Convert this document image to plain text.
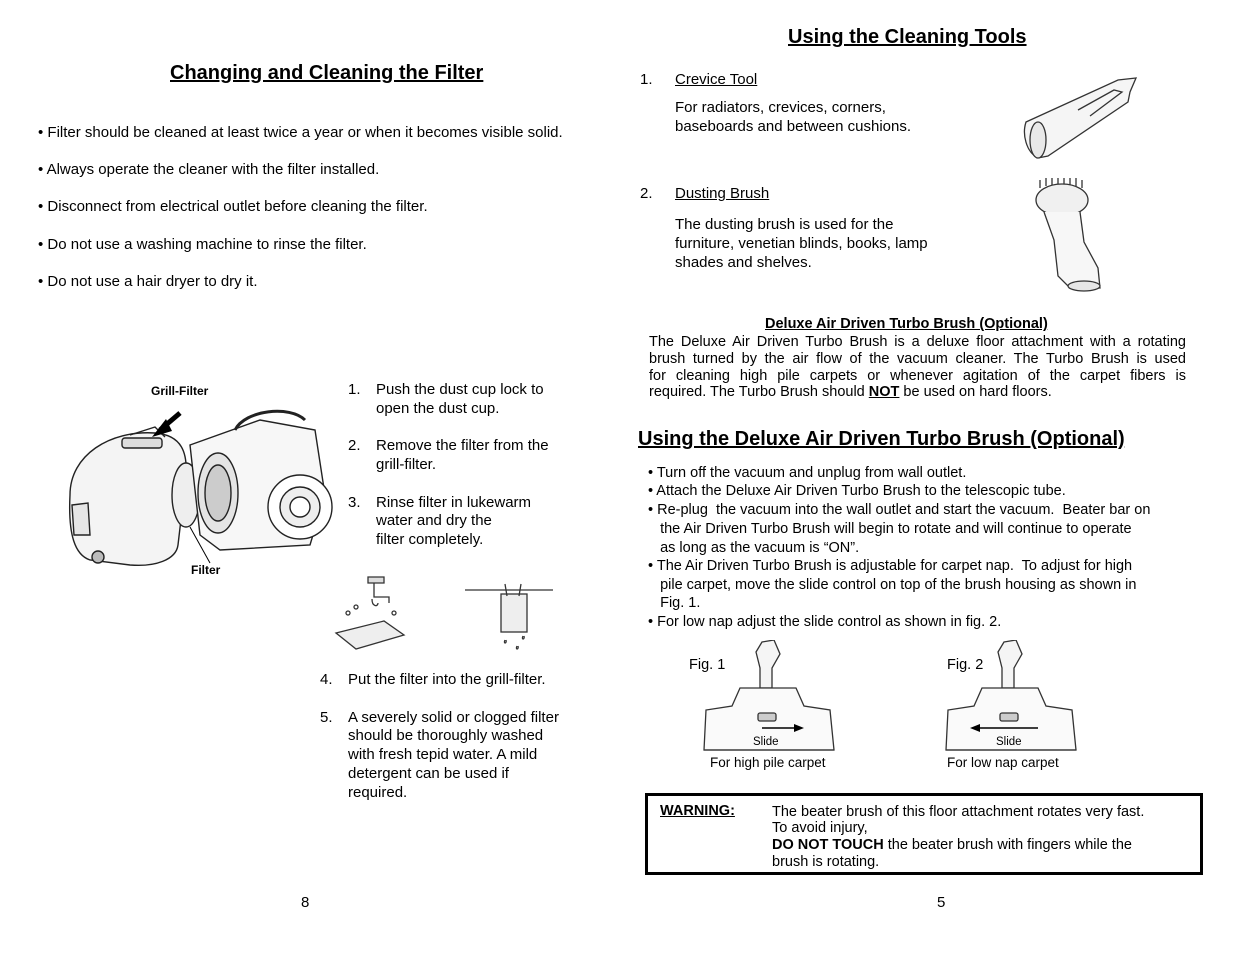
Changing and Cleaning the Filter
• Filter should be cleaned at least twice a year or when it becomes visible solid.
• Always operate the cleaner with the filter installed.
• Disconnect from electrical outlet before cleaning the filter.
• Do not use a washing machine to rinse the filter.
• Do not use a hair dryer to dry it.
Grill-Filter
Filter
1. Push the dust cup lock to
open the dust cup.
2. Remove the filter from the
grill-filter.
3. Rinse filter in lukewarm
water and dry the
filter completely.
4. Put the filter into the grill-filter.
5. A severely solid or clogged filter
should be thoroughly washed
with fresh tepid water. A mild
detergent can be used if
required.
8
Using the Cleaning Tools
1. Crevice Tool
For radiators, crevices, corners,
baseboards and between cushions.
2. Dusting Brush
The dusting brush is used for the
furniture, venetian blinds, books, lamp
shades and shelves.
Deluxe Air Driven Turbo Brush (Optional)
The Deluxe Air Driven Turbo Brush is a deluxe floor attachment with a rotating
brush turned by the air flow of the vacuum cleaner. The Turbo Brush is used
for cleaning high pile carpets or whenever agitation of the carpet fibers is
required. The Turbo Brush should NOT be used on hard floors.
Using the Deluxe Air Driven Turbo Brush (Optional)
• Turn off the vacuum and unplug from wall outlet.
• Attach the Deluxe Air Driven Turbo Brush to the telescopic tube.
• Re-plug  the vacuum into the wall outlet and start the vacuum.  Beater bar on
the Air Driven Turbo Brush will begin to rotate and will continue to operate
as long as the vacuum is “ON”.
• The Air Driven Turbo Brush is adjustable for carpet nap.  To adjust for high
pile carpet, move the slide control on top of the brush housing as shown in
Fig. 1.
• For low nap adjust the slide control as shown in fig. 2.
Fig. 1
Slide
For high pile carpet
Fig. 2
Slide
For low nap carpet
WARNING:	The beater brush of this floor attachment rotates very fast.
To avoid injury,
DO NOT TOUCH the beater brush with fingers while the
brush is rotating.
5
